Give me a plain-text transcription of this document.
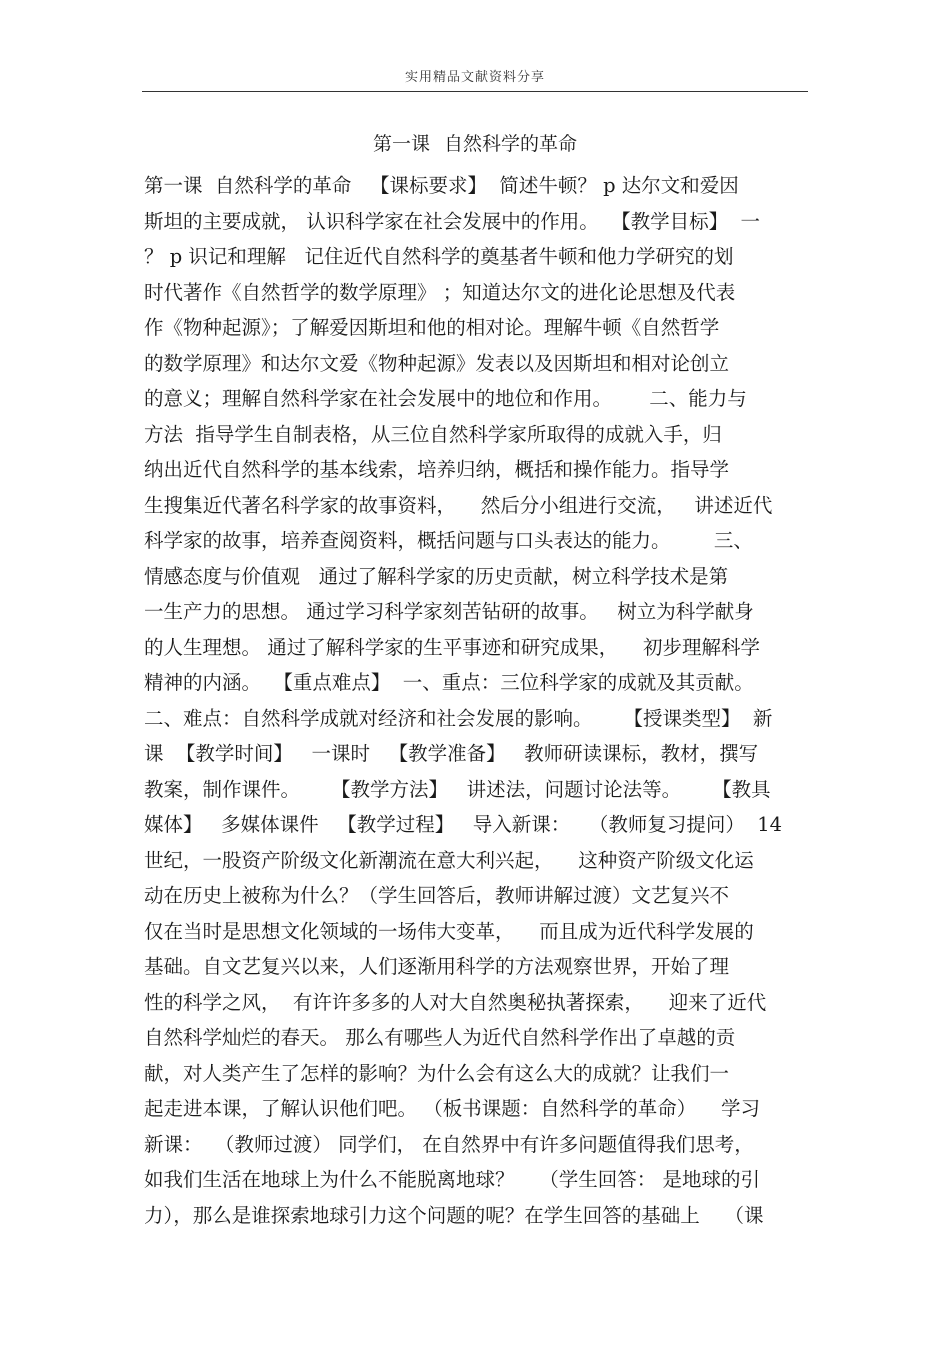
实用精品文献资料分享
第一课 自然科学的革命
第一课  自然科学的革命   【课标要求】  简述牛顿？ p 达尔文和爱因
斯坦的主要成就， 认识科学家在社会发展中的作用。  【教学目标】  一
？ p 识记和理解   记住近代自然科学的奠基者牛顿和他力学研究的划
时代著作《自然哲学的数学原理》 ；知道达尔文的进化论思想及代表
作《物种起源》；了解爱因斯坦和他的相对论。理解牛顿《自然哲学
的数学原理》和达尔文爱《物种起源》发表以及因斯坦和相对论创立
的意义；理解自然科学家在社会发展中的地位和作用。      二、能力与
方法  指导学生自制表格，从三位自然科学家所取得的成就入手，归
纳出近代自然科学的基本线索，培养归纳，概括和操作能力。指导学
生搜集近代著名科学家的故事资料，    然后分小组进行交流，   讲述近代
科学家的故事，培养查阅资料，概括问题与口头表达的能力。       三、
情感态度与价值观   通过了解科学家的历史贡献，树立科学技术是第
一生产力的思想。 通过学习科学家刻苦钻研的故事。   树立为科学献身
的人生理想。 通过了解科学家的生平事迹和研究成果，    初步理解科学
精神的内涵。  【重点难点】  一、重点：三位科学家的成就及其贡献。
二、难点：自然科学成就对经济和社会发展的影响。     【授课类型】  新
课  【教学时间】   一课时   【教学准备】   教师研读课标，教材，撰写
教案，制作课件。     【教学方法】   讲述法，问题讨论法等。     【教具
媒体】   多媒体课件   【教学过程】   导入新课：   （教师复习提问）  14
世纪，一股资产阶级文化新潮流在意大利兴起，    这种资产阶级文化运
动在历史上被称为什么？（学生回答后，教师讲解过渡）文艺复兴不
仅在当时是思想文化领域的一场伟大变革，    而且成为近代科学发展的
基础。自文艺复兴以来，人们逐渐用科学的方法观察世界，开始了理
性的科学之风，  有许许多多的人对大自然奥秘执著探索，    迎来了近代
自然科学灿烂的春天。 那么有哪些人为近代自然科学作出了卓越的贡
献，对人类产生了怎样的影响？为什么会有这么大的成就？让我们一
起走进本课，了解认识他们吧。 （板书课题：自然科学的革命）    学习
新课：  （教师过渡） 同学们， 在自然界中有许多问题值得我们思考，
如我们生活在地球上为什么不能脱离地球？    （学生回答： 是地球的引
力），那么是谁探索地球引力这个问题的呢？在学生回答的基础上    （课
